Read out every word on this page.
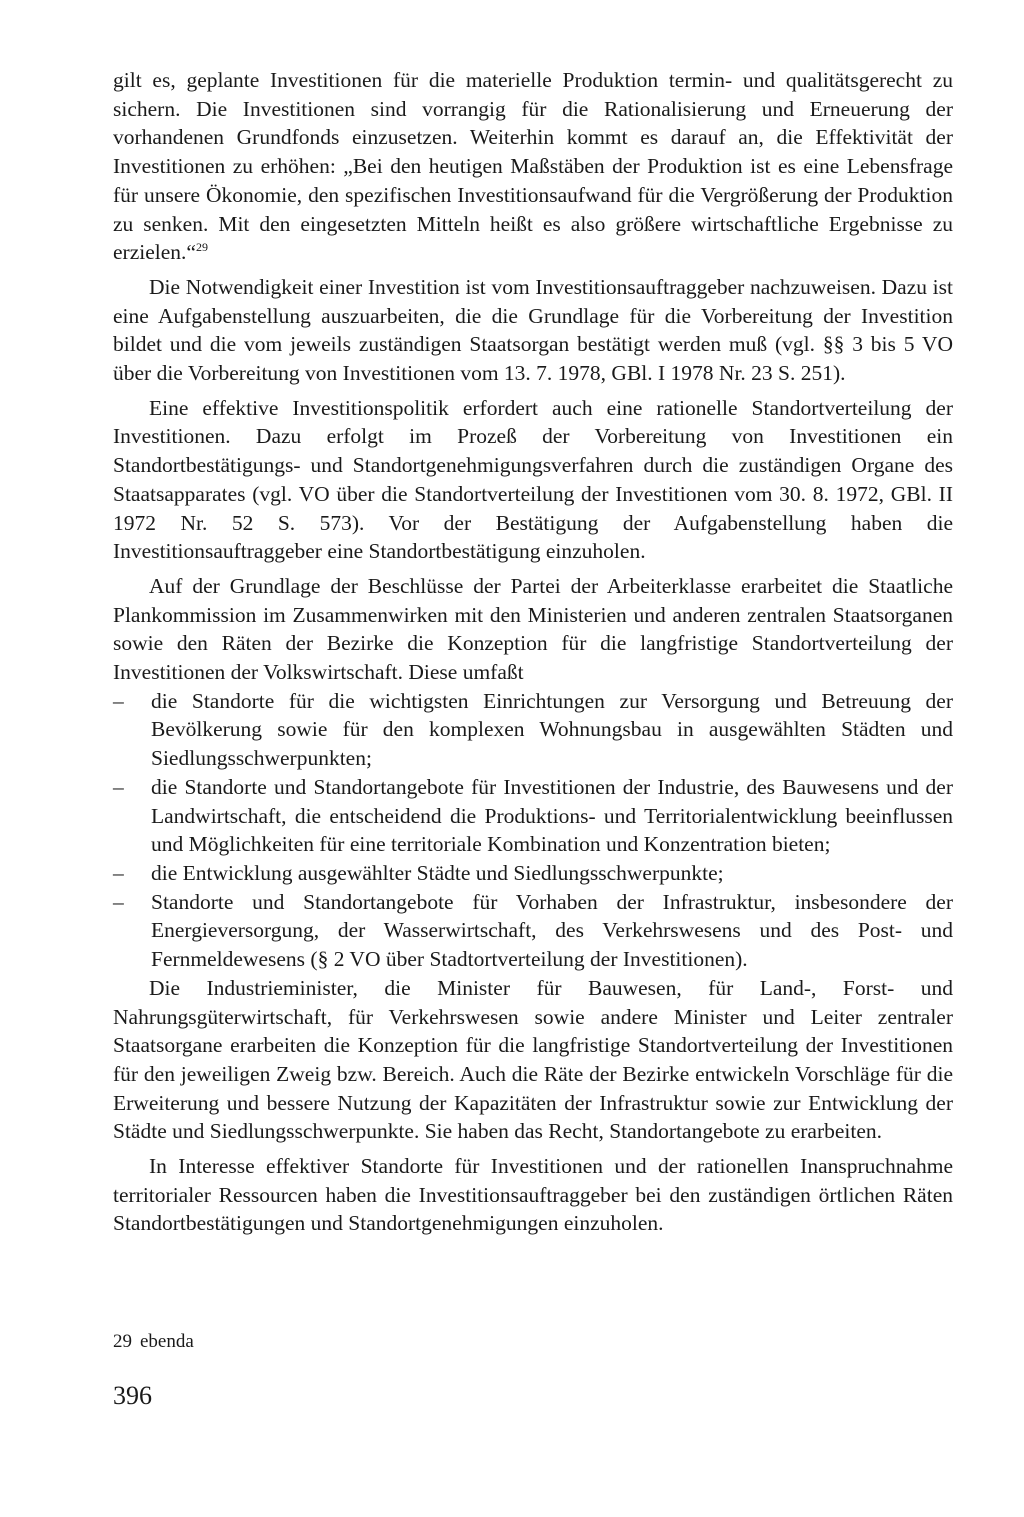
gilt es, geplante Investitionen für die materielle Produktion termin- und qualitätsgerecht zu sichern. Die Investitionen sind vorrangig für die Rationalisierung und Erneuerung der vorhandenen Grundfonds einzusetzen. Weiterhin kommt es darauf an, die Effektivität der Investitionen zu erhöhen: „Bei den heutigen Maßstäben der Produktion ist es eine Lebensfrage für unsere Ökonomie, den spezifischen Investitionsaufwand für die Vergrößerung der Produktion zu senken. Mit den eingesetzten Mitteln heißt es also größere wirtschaftliche Ergebnisse zu erzielen.“$^{29}$

Die Notwendigkeit einer Investition ist vom Investitionsauftraggeber nachzuweisen. Dazu ist eine Aufgabenstellung auszuarbeiten, die die Grundlage für die Vorbereitung der Investition bildet und die vom jeweils zuständigen Staatsorgan bestätigt werden muß (vgl. §§ 3 bis 5 VO über die Vorbereitung von Investitionen vom 13. 7. 1978, GBl. I 1978 Nr. 23 S. 251).

Eine effektive Investitionspolitik erfordert auch eine rationelle Standortverteilung der Investitionen. Dazu erfolgt im Prozeß der Vorbereitung von Investitionen ein Standortbestätigungs- und Standortgenehmigungsverfahren durch die zuständigen Organe des Staatsapparates (vgl. VO über die Standortverteilung der Investitionen vom 30. 8. 1972, GBl. II 1972 Nr. 52 S. 573). Vor der Bestätigung der Aufgabenstellung haben die Investitionsauftraggeber eine Standortbestätigung einzuholen.

Auf der Grundlage der Beschlüsse der Partei der Arbeiterklasse erarbeitet die Staatliche Plankommission im Zusammenwirken mit den Ministerien und anderen zentralen Staatsorganen sowie den Räten der Bezirke die Konzeption für die langfristige Standortverteilung der Investitionen der Volkswirtschaft. Diese umfaßt

– die Standorte für die wichtigsten Einrichtungen zur Versorgung und Betreuung der Bevölkerung sowie für den komplexen Wohnungsbau in ausgewählten Städten und Siedlungsschwerpunkten;
– die Standorte und Standortangebote für Investitionen der Industrie, des Bauwesens und der Landwirtschaft, die entscheidend die Produktions- und Territorialentwicklung beeinflussen und Möglichkeiten für eine territoriale Kombination und Konzentration bieten;
– die Entwicklung ausgewählter Städte und Siedlungsschwerpunkte;
– Standorte und Standortangebote für Vorhaben der Infrastruktur, insbesondere der Energieversorgung, der Wasserwirtschaft, des Verkehrswesens und des Post- und Fernmeldewesens (§ 2 VO über Stadtortverteilung der Investitionen).

Die Industrieminister, die Minister für Bauwesen, für Land-, Forst- und Nahrungsgüterwirtschaft, für Verkehrswesen sowie andere Minister und Leiter zentraler Staatsorgane erarbeiten die Konzeption für die langfristige Standortverteilung der Investitionen für den jeweiligen Zweig bzw. Bereich. Auch die Räte der Bezirke entwickeln Vorschläge für die Erweiterung und bessere Nutzung der Kapazitäten der Infrastruktur sowie zur Entwicklung der Städte und Siedlungsschwerpunkte. Sie haben das Recht, Standortangebote zu erarbeiten.

In Interesse effektiver Standorte für Investitionen und der rationellen Inanspruchnahme territorialer Ressourcen haben die Investitionsauftraggeber bei den zuständigen örtlichen Räten Standortbestätigungen und Standortgenehmigungen einzuholen.

29 ebenda
396
